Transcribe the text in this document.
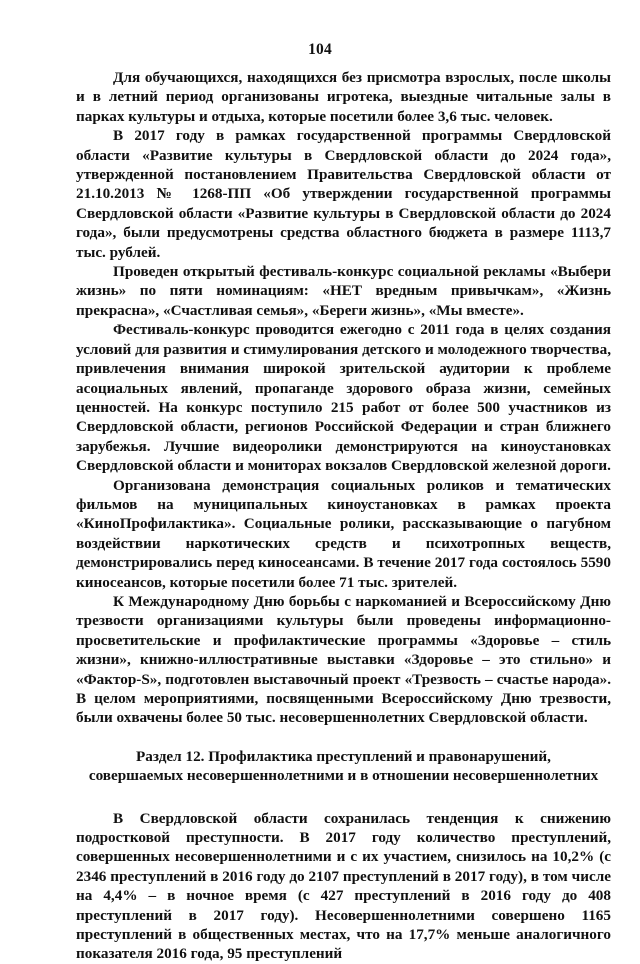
104

Для обучающихся, находящихся без присмотра взрослых, после школы и в летний период организованы игротека, выездные читальные залы в парках культуры и отдыха, которые посетили более 3,6 тыс. человек.

В 2017 году в рамках государственной программы Свердловской области «Развитие культуры в Свердловской области до 2024 года», утвержденной постановлением Правительства Свердловской области от 21.10.2013 № 1268-ПП «Об утверждении государственной программы Свердловской области «Развитие культуры в Свердловской области до 2024 года», были предусмотрены средства областного бюджета в размере 1113,7 тыс. рублей.

Проведен открытый фестиваль-конкурс социальной рекламы «Выбери жизнь» по пяти номинациям: «НЕТ вредным привычкам», «Жизнь прекрасна», «Счастливая семья», «Береги жизнь», «Мы вместе».

Фестиваль-конкурс проводится ежегодно с 2011 года в целях создания условий для развития и стимулирования детского и молодежного творчества, привлечения внимания широкой зрительской аудитории к проблеме асоциальных явлений, пропаганде здорового образа жизни, семейных ценностей. На конкурс поступило 215 работ от более 500 участников из Свердловской области, регионов Российской Федерации и стран ближнего зарубежья. Лучшие видеоролики демонстрируются на киноустановках Свердловской области и мониторах вокзалов Свердловской железной дороги.

Организована демонстрация социальных роликов и тематических фильмов на муниципальных киноустановках в рамках проекта «КиноПрофилактика». Социальные ролики, рассказывающие о пагубном воздействии наркотических средств и психотропных веществ, демонстрировались перед киносеансами. В течение 2017 года состоялось 5590 киносеансов, которые посетили более 71 тыс. зрителей.

К Международному Дню борьбы с наркоманией и Всероссийскому Дню трезвости организациями культуры были проведены информационно-просветительские и профилактические программы «Здоровье – стиль жизни», книжно-иллюстративные выставки «Здоровье – это стильно» и «Фактор-S», подготовлен выставочный проект «Трезвость – счастье народа». В целом мероприятиями, посвященными Всероссийскому Дню трезвости, были охвачены более 50 тыс. несовершеннолетних Свердловской области.

Раздел 12. Профилактика преступлений и правонарушений,
совершаемых несовершеннолетними и в отношении несовершеннолетних

В Свердловской области сохранилась тенденция к снижению подростковой преступности. В 2017 году количество преступлений, совершенных несовершеннолетними и с их участием, снизилось на 10,2% (с 2346 преступлений в 2016 году до 2107 преступлений в 2017 году), в том числе на 4,4% – в ночное время (с 427 преступлений в 2016 году до 408 преступлений в 2017 году). Несовершеннолетними совершено 1165 преступлений в общественных местах, что на 17,7% меньше аналогичного показателя 2016 года, 95 преступлений
